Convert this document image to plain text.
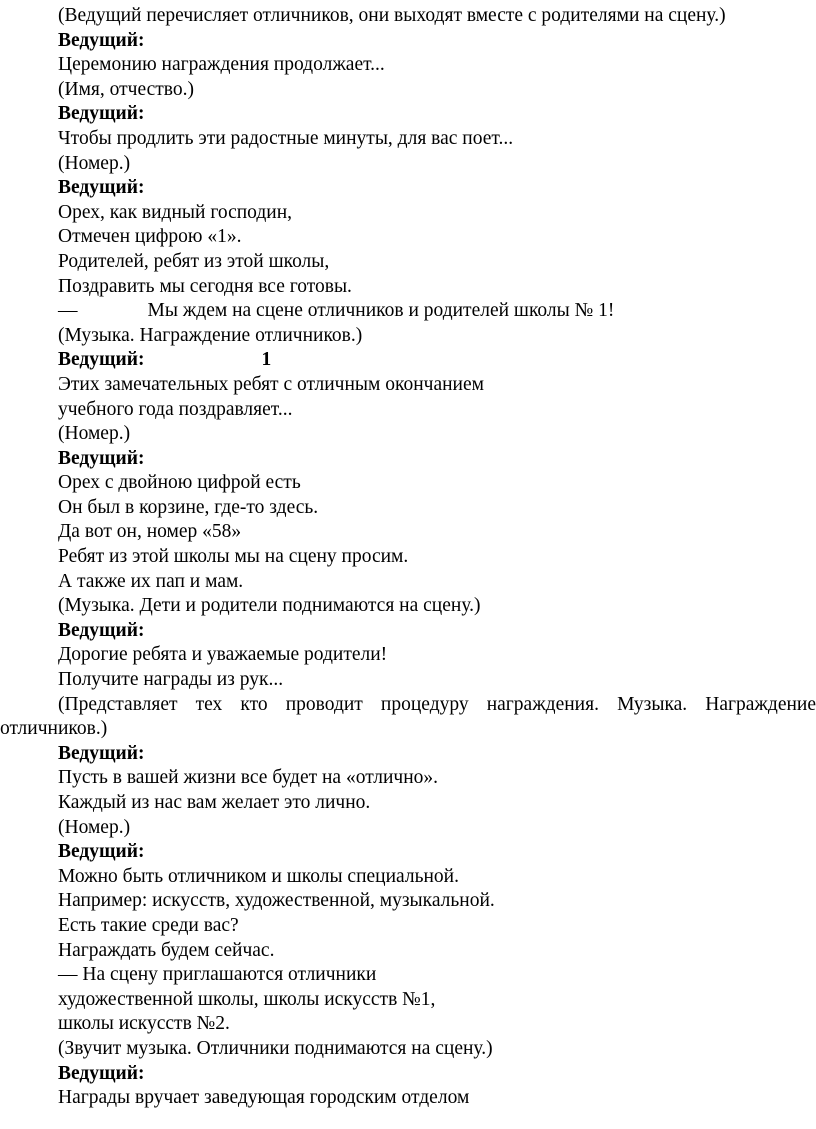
(Ведущий перечисляет отличников, они выходят вместе с родителями на сцену.)

Ведущий:

Церемонию награждения продолжает...

(Имя, отчество.)

Ведущий:

Чтобы продлить эти радостные минуты, для вас поет...

(Номер.)

Ведущий:

Орех, как видный господин,

Отмечен цифрою «1».

Родителей, ребят из этой школы,

Поздравить мы сегодня все готовы.

—	Мы ждем на сцене отличников и родителей школы № 1!

(Музыка. Награждение отличников.)

Ведущий:	1

Этих замечательных ребят с отличным окончанием

учебного года поздравляет...

(Номер.)

Ведущий:

Орех с двойною цифрой есть

Он был в корзине, где-то здесь.

Да вот он, номер «58»

Ребят из этой школы мы на сцену просим.

А также их пап и мам.

(Музыка. Дети и родители поднимаются на сцену.)

Ведущий:

Дорогие ребята и уважаемые родители!

Получите награды из рук...

(Представляет тех кто проводит процедуру награждения. Музыка. Награждение отличников.)

Ведущий:

Пусть в вашей жизни все будет на «отлично».

Каждый из нас вам желает это лично.

(Номер.)

Ведущий:

Можно быть отличником и школы специальной.

Например: искусств, художественной, музыкальной.

Есть такие среди вас?

Награждать будем сейчас.

— На сцену приглашаются отличники

художественной школы, школы искусств №1,

школы искусств №2.

(Звучит музыка. Отличники поднимаются на сцену.)

Ведущий:

Награды вручает заведующая городским отделом
